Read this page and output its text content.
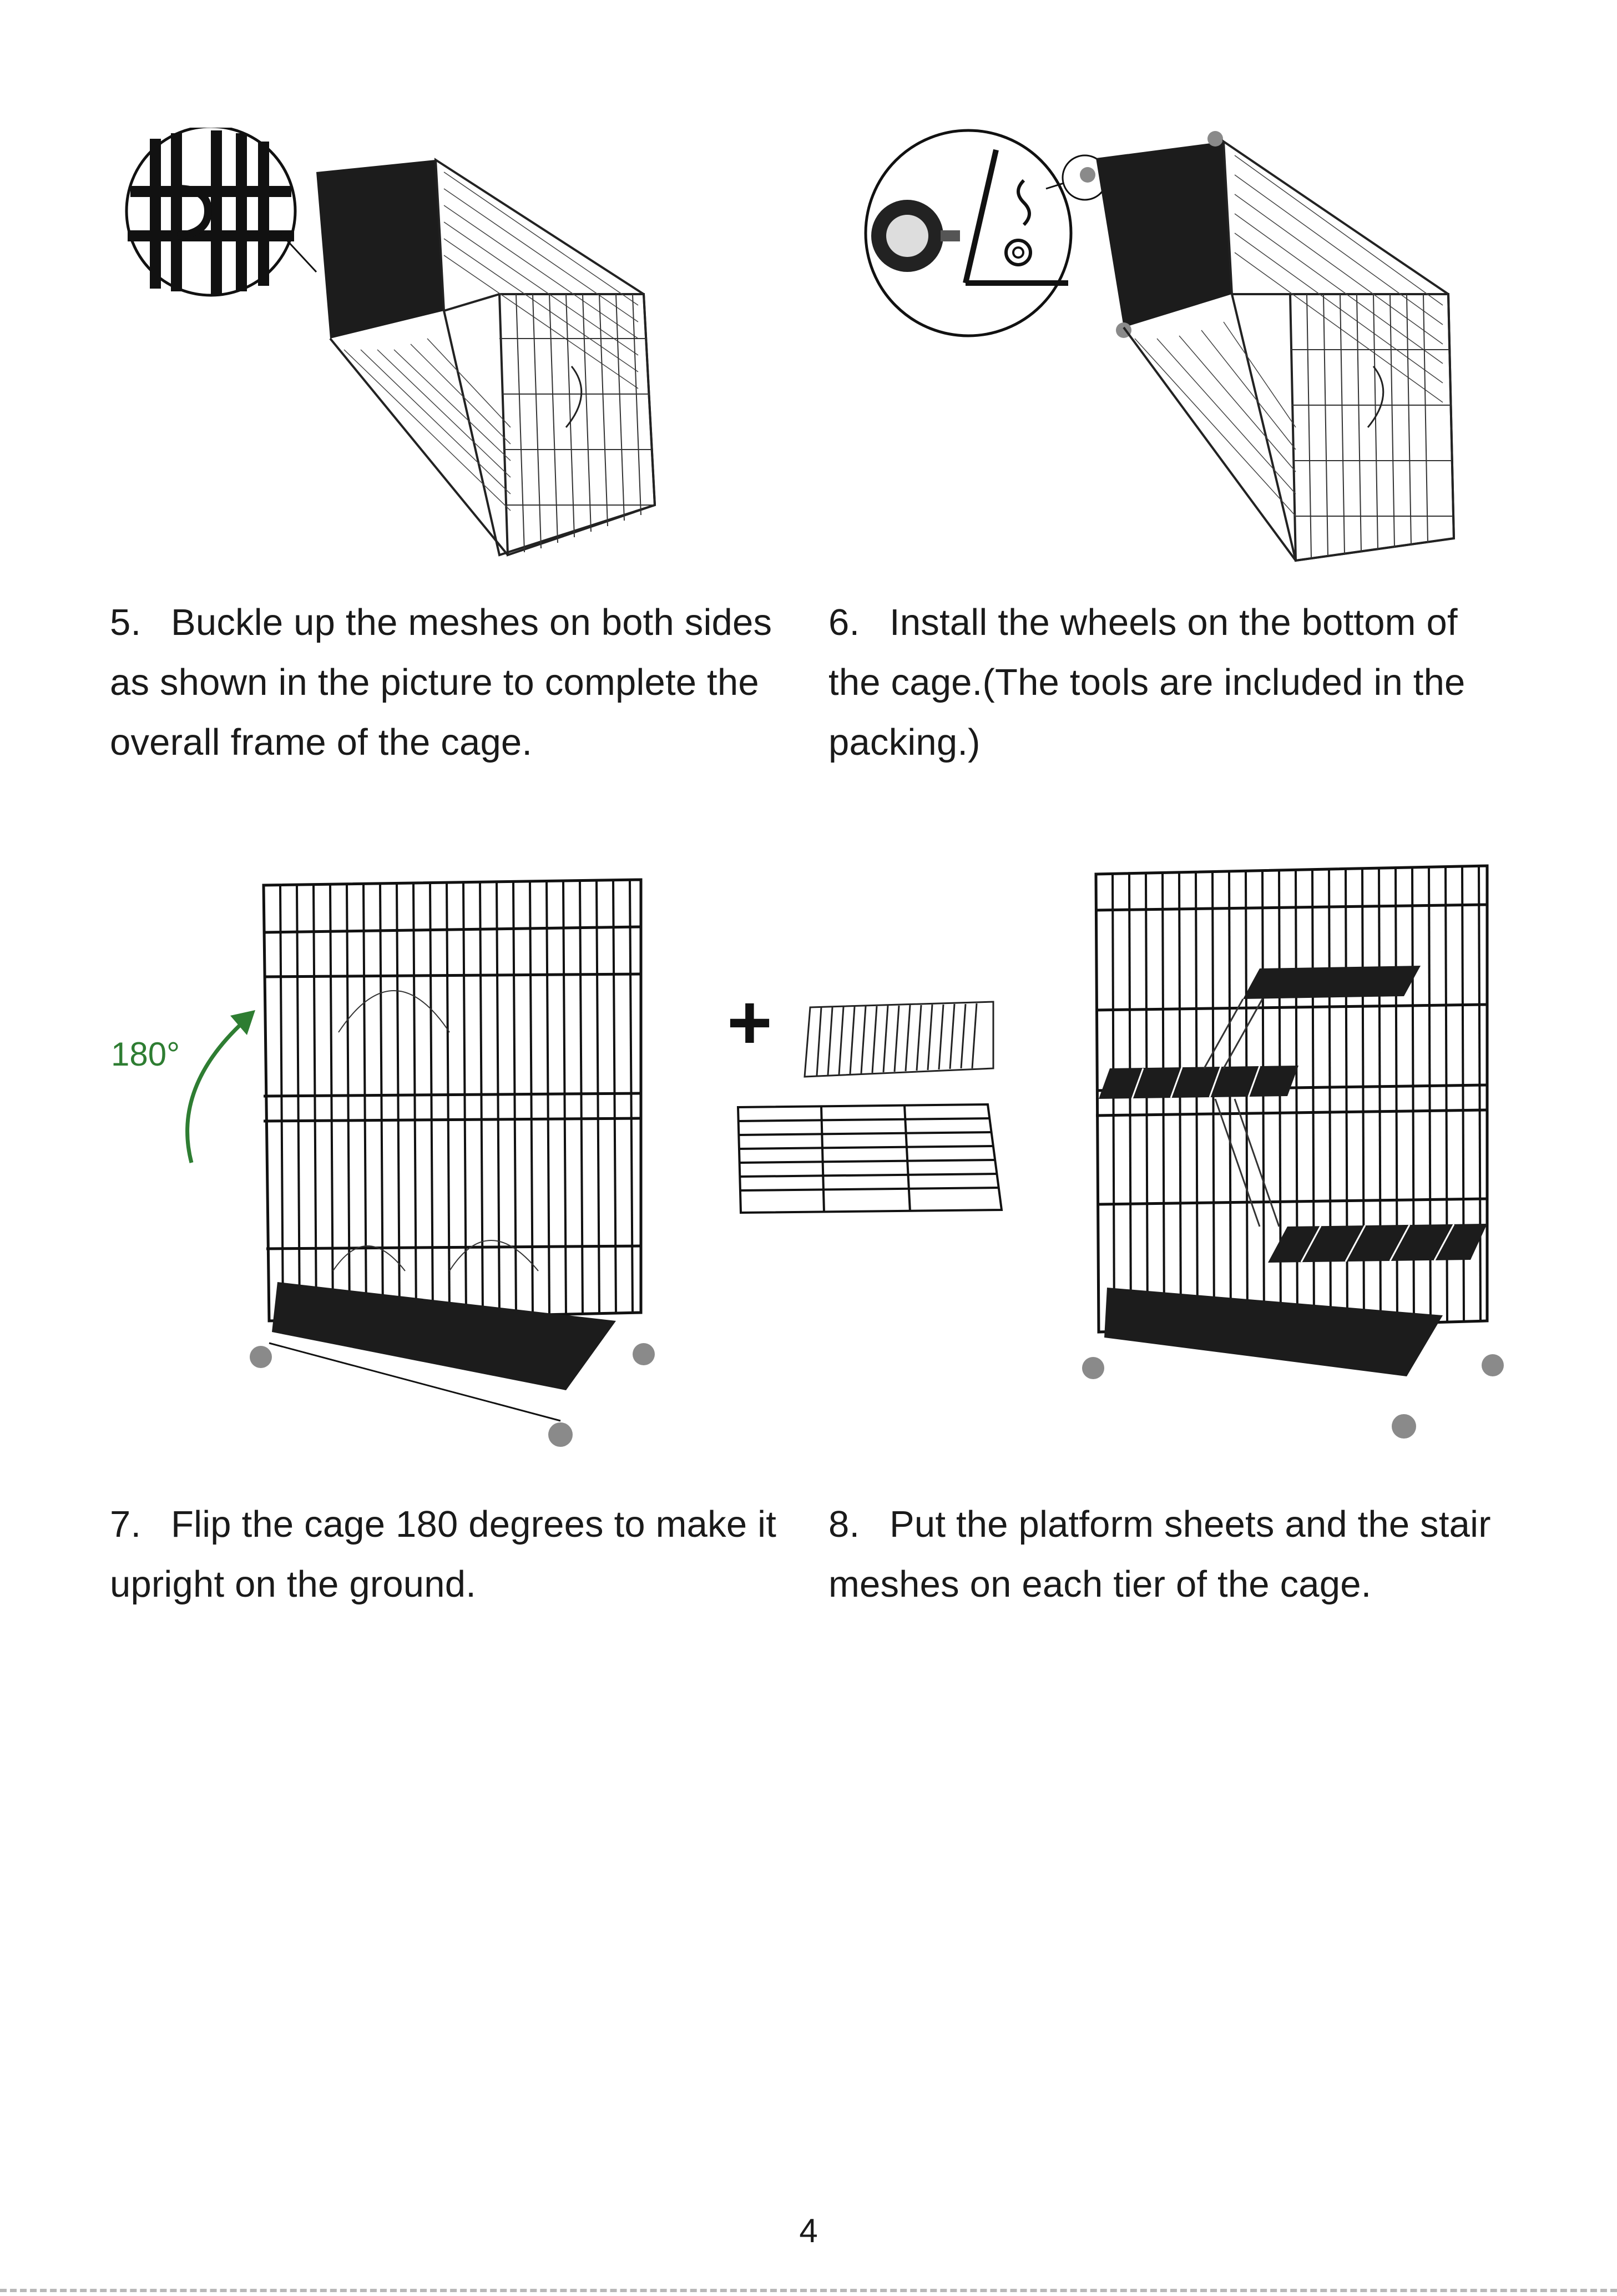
5. Buckle up the meshes on both sides
as shown in the picture to complete the
overall frame of the cage.
6. Install the wheels on the bottom of
the cage.(The tools are included in the
packing.)
180°	+
7. Flip the cage 180 degrees to make it
upright on the ground.
8. Put the platform sheets and the stair
meshes on each tier of the cage.
4
